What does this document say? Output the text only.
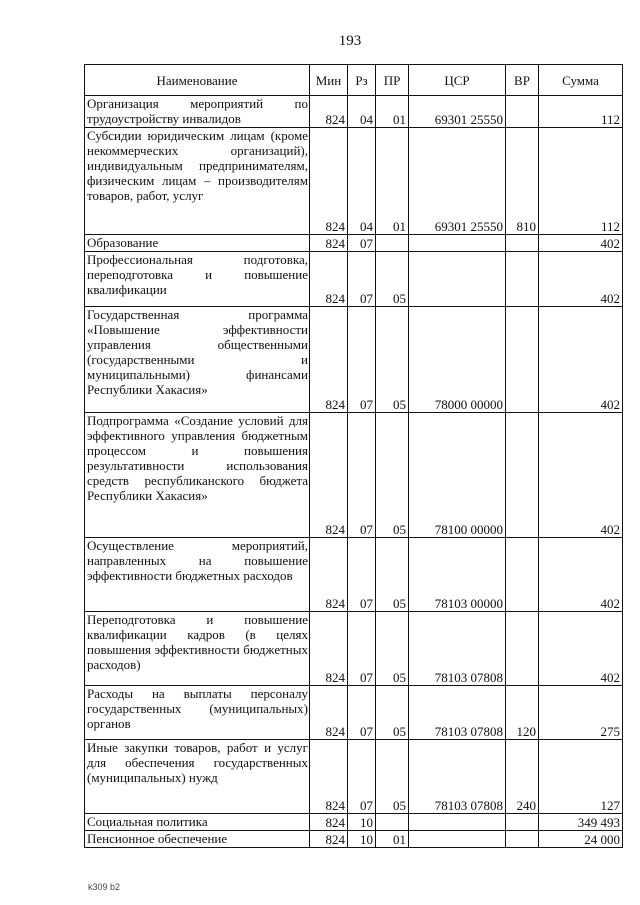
193
Наименование	Мин	Рз	ПР	ЦСР	ВР	Сумма
Организация мероприятий по трудоустройству инвалидов	824	04	01	69301 25550		112
Субсидии юридическим лицам (кроме некоммерческих организаций), индивидуальным предпринимателям, физическим лицам – производителям товаров, работ, услуг	824	04	01	69301 25550	810	112
Образование	824	07				402
Профессиональная подготовка, переподготовка и повышение квалификации	824	07	05			402
Государственная программа «Повышение эффективности управления общественными (государственными и муниципальными) финансами Республики Хакасия»	824	07	05	78000 00000		402
Подпрограмма «Создание условий для эффективного управления бюджетным процессом и повышения результативности использования средств республиканского бюджета Республики Хакасия»	824	07	05	78100 00000		402
Осуществление мероприятий, направленных на повышение эффективности бюджетных расходов	824	07	05	78103 00000		402
Переподготовка и повышение квалификации кадров (в целях повышения эффективности бюджетных расходов)	824	07	05	78103 07808		402
Расходы на выплаты персоналу государственных (муниципальных) органов	824	07	05	78103 07808	120	275
Иные закупки товаров, работ и услуг для обеспечения государственных (муниципальных) нужд	824	07	05	78103 07808	240	127
Социальная политика	824	10				349 493
Пенсионное обеспечение	824	10	01			24 000
k309 b2
